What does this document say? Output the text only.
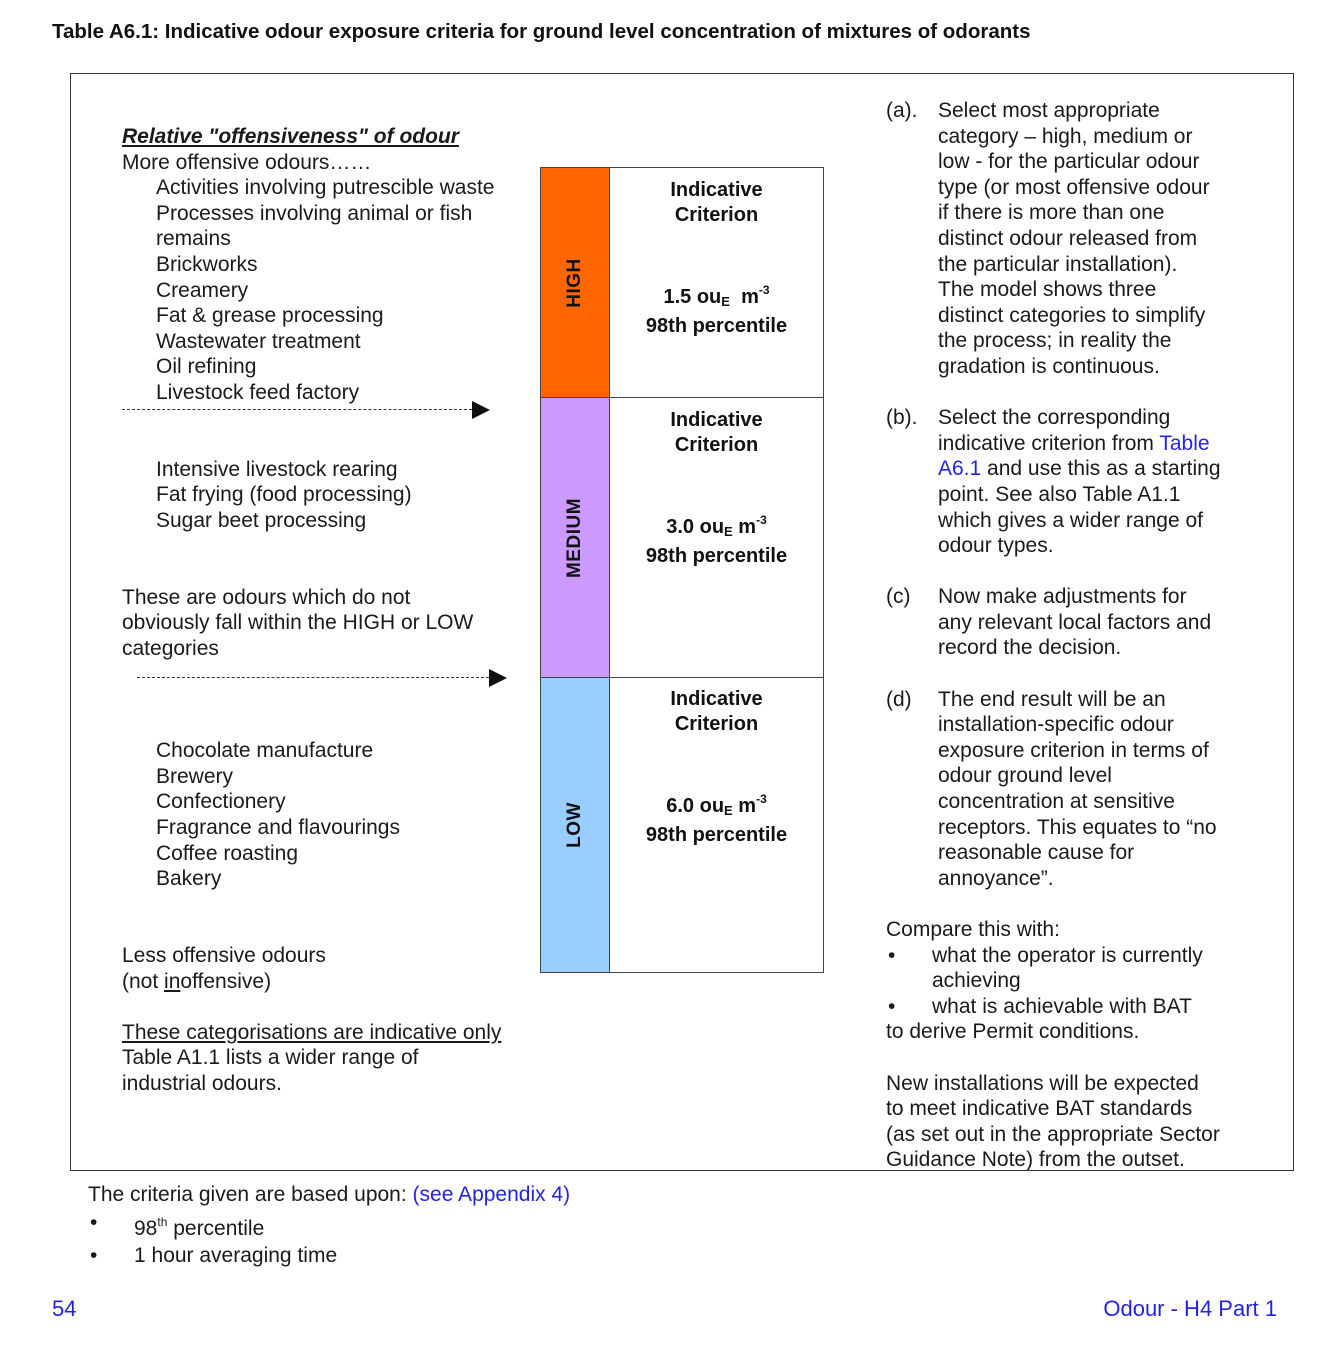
Table A6.1: Indicative odour exposure criteria for ground level concentration of mixtures of odorants
Relative "offensiveness" of odour
More offensive odours……
Activities involving putrescible waste
Processes involving animal or fish
remains
Brickworks
Creamery
Fat & grease processing
Wastewater treatment
Oil refining
Livestock feed factory
Intensive livestock rearing
Fat frying (food processing)
Sugar beet processing
These are odours which do not
obviously fall within the HIGH or LOW
categories
Chocolate manufacture
Brewery
Confectionery
Fragrance and flavourings
Coffee roasting
Bakery
Less offensive odours
(not inoffensive)
These categorisations are indicative only
Table A1.1 lists a wider range of
industrial odours.
HIGH
MEDIUM
LOW
Indicative
Criterion
1.5 $ou_E$ $m^{-3}$
98th percentile
Indicative
Criterion
3.0 $ou_E$ $m^{-3}$
98th percentile
Indicative
Criterion
6.0 $ou_E$ $m^{-3}$
98th percentile
(a). Select most appropriate
category – high, medium or
low - for the particular odour
type (or most offensive odour
if there is more than one
distinct odour released from
the particular installation).
The model shows three
distinct categories to simplify
the process; in reality the
gradation is continuous.
(b). Select the corresponding
indicative criterion from Table
A6.1 and use this as a starting
point. See also Table A1.1
which gives a wider range of
odour types.
(c)	Now make adjustments for
any relevant local factors and
record the decision.
(d)	The end result will be an
installation-specific odour
exposure criterion in terms of
odour ground level
concentration at sensitive
receptors. This equates to “no
reasonable cause for
annoyance”.
Compare this with:
•	what the operator is currently
achieving
•	what is achievable with BAT
to derive Permit conditions.
New installations will be expected
to meet indicative BAT standards
(as set out in the appropriate Sector
Guidance Note) from the outset.
The criteria given are based upon: (see Appendix 4)
•	98th percentile
•	1 hour averaging time
54	Odour - H4 Part 1
